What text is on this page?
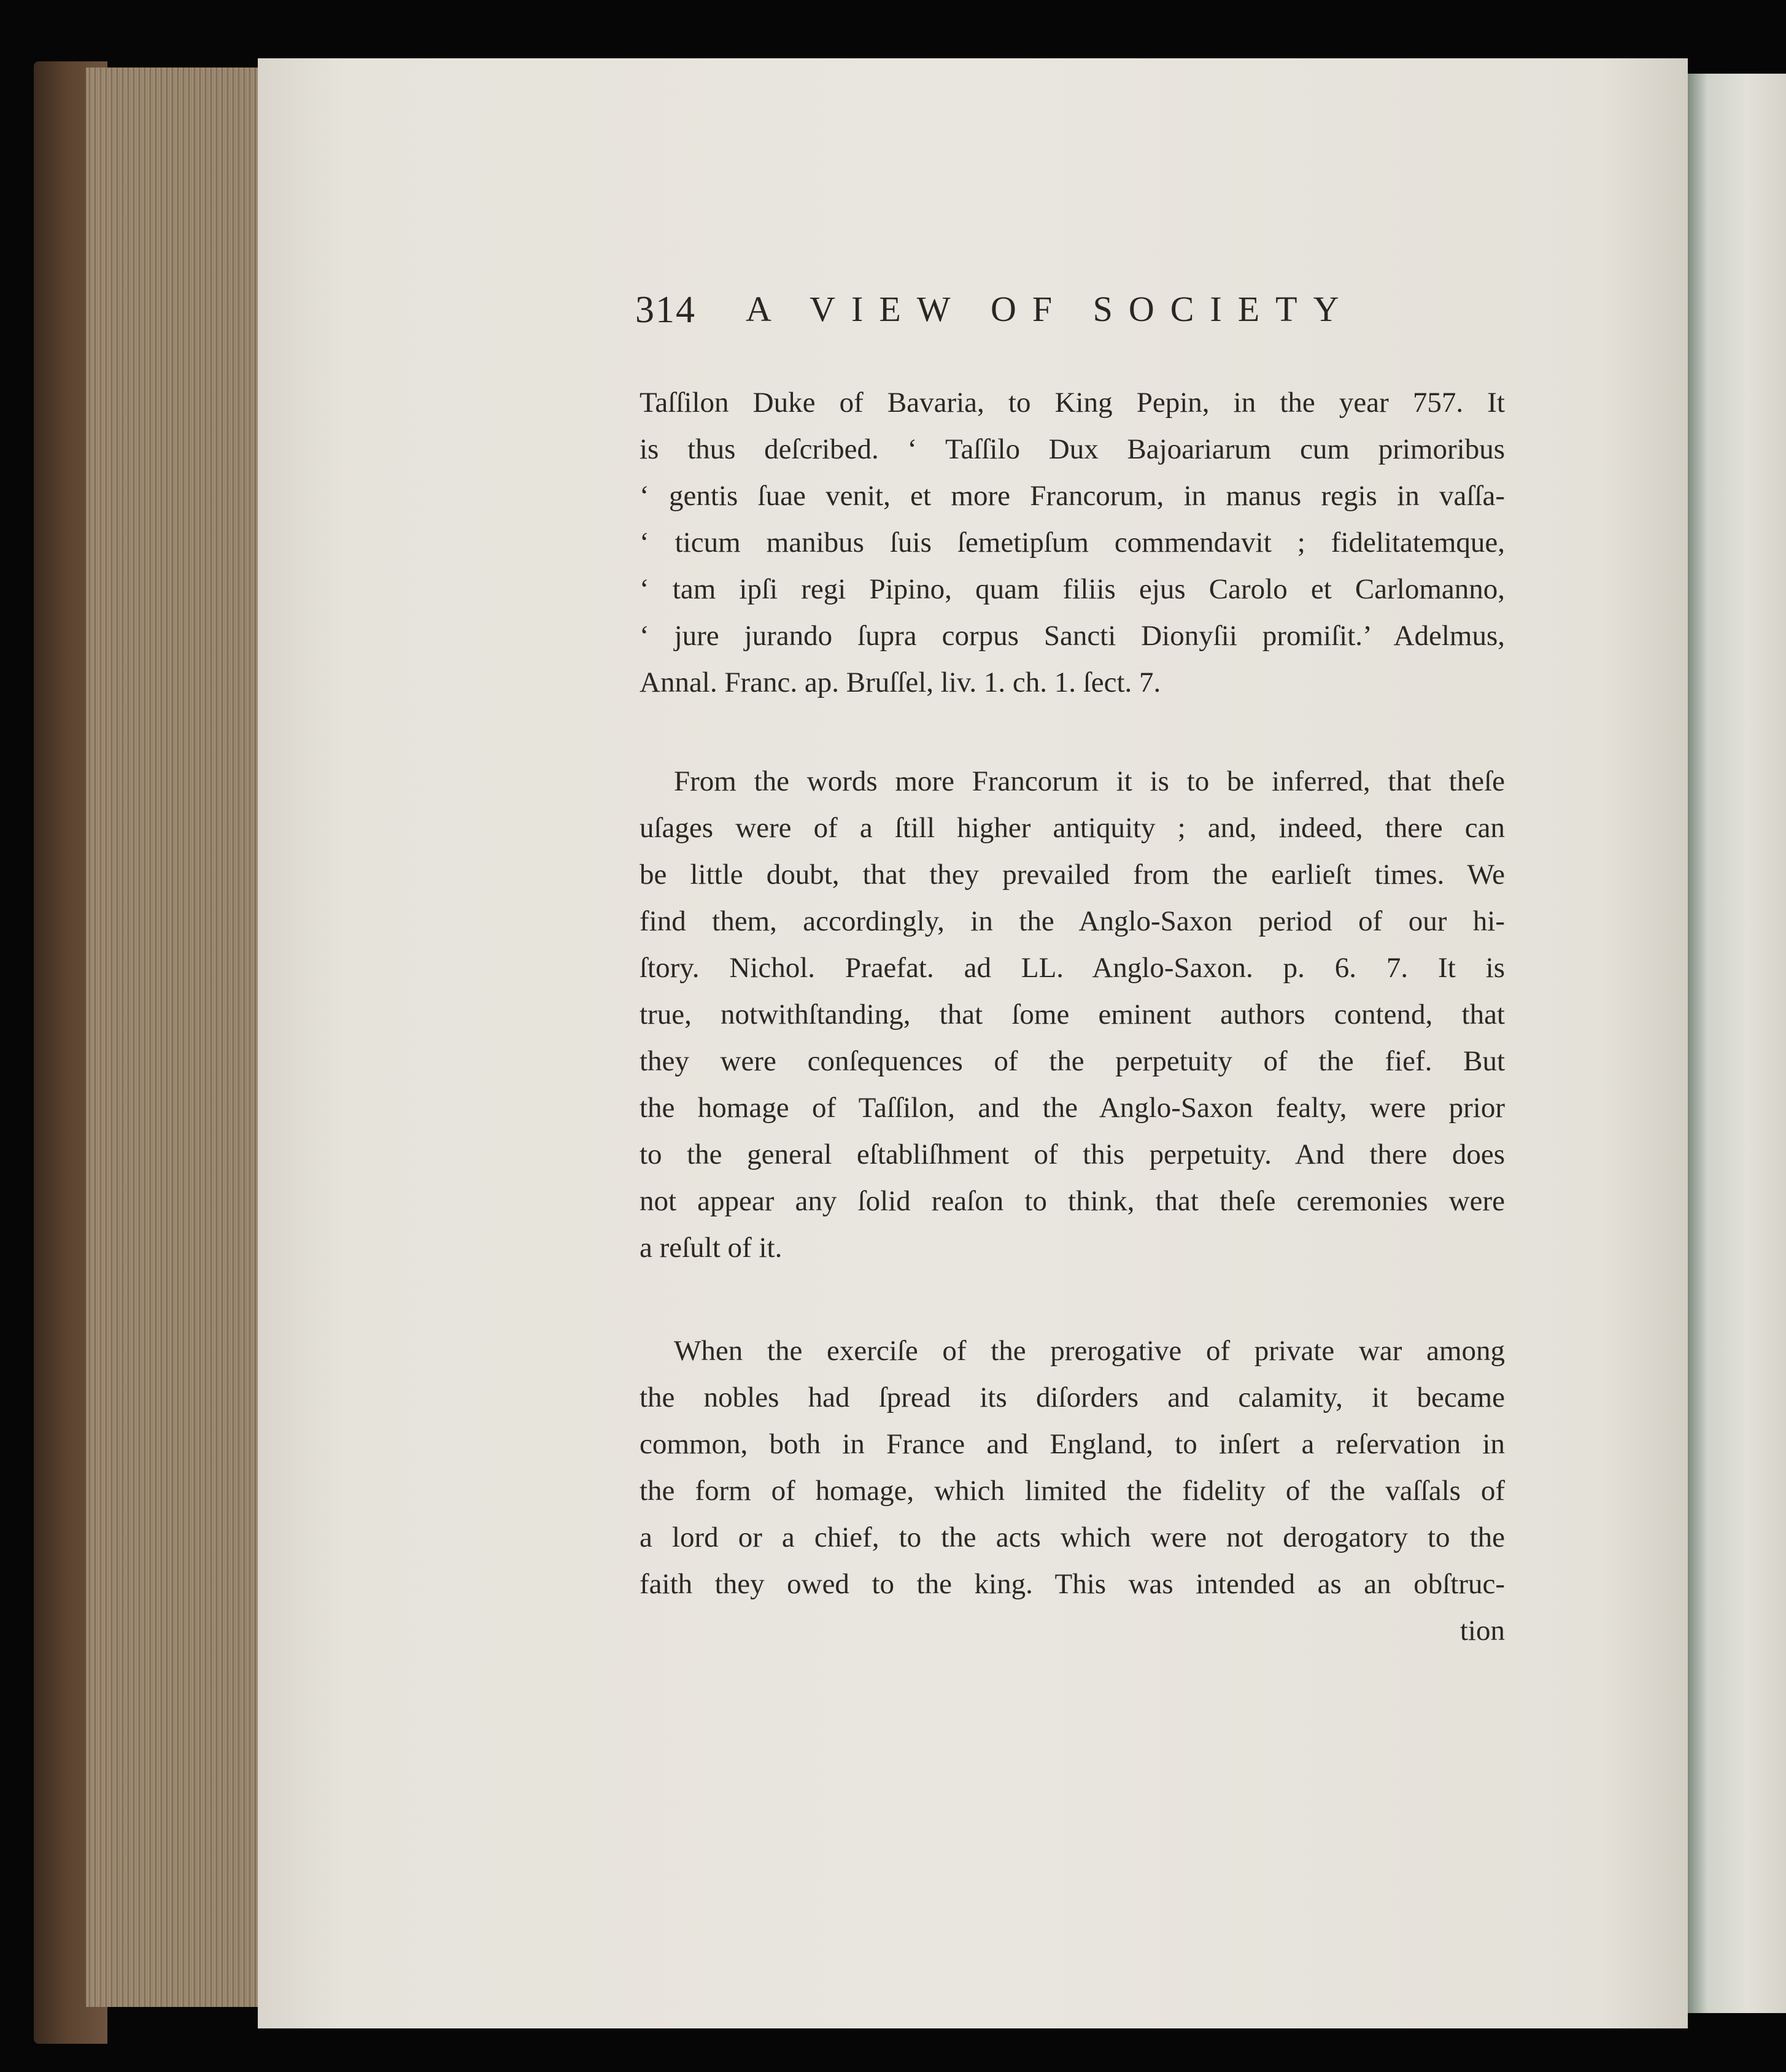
314 A VIEW OF SOCIETY
Taſſilon Duke of Bavaria, to King Pepin, in the year 757. It
is thus deſcribed. ‘ Taſſilo Dux Bajoariarum cum primoribus
‘ gentis ſuae venit, et more Francorum, in manus regis in vaſſa-
‘ ticum manibus ſuis ſemetipſum commendavit ; fidelitatemque,
‘ tam ipſi regi Pipino, quam filiis ejus Carolo et Carlomanno,
‘ jure jurando ſupra corpus Sancti Dionyſii promiſit.’ Adelmus,
Annal. Franc. ap. Bruſſel, liv. 1. ch. 1. ſect. 7.
From the words more Francorum it is to be inferred, that theſe
uſages were of a ſtill higher antiquity ; and, indeed, there can
be little doubt, that they prevailed from the earlieſt times. We
find them, accordingly, in the Anglo-Saxon period of our hi-
ſtory. Nichol. Praefat. ad LL. Anglo-Saxon. p. 6. 7. It is
true, notwithſtanding, that ſome eminent authors contend, that
they were conſequences of the perpetuity of the fief. But
the homage of Taſſilon, and the Anglo-Saxon fealty, were prior
to the general eſtabliſhment of this perpetuity. And there does
not appear any ſolid reaſon to think, that theſe ceremonies were
a reſult of it.
When the exerciſe of the prerogative of private war among
the nobles had ſpread its diſorders and calamity, it became
common, both in France and England, to inſert a reſervation in
the form of homage, which limited the fidelity of the vaſſals of
a lord or a chief, to the acts which were not derogatory to the
faith they owed to the king. This was intended as an obſtruc-
tion
